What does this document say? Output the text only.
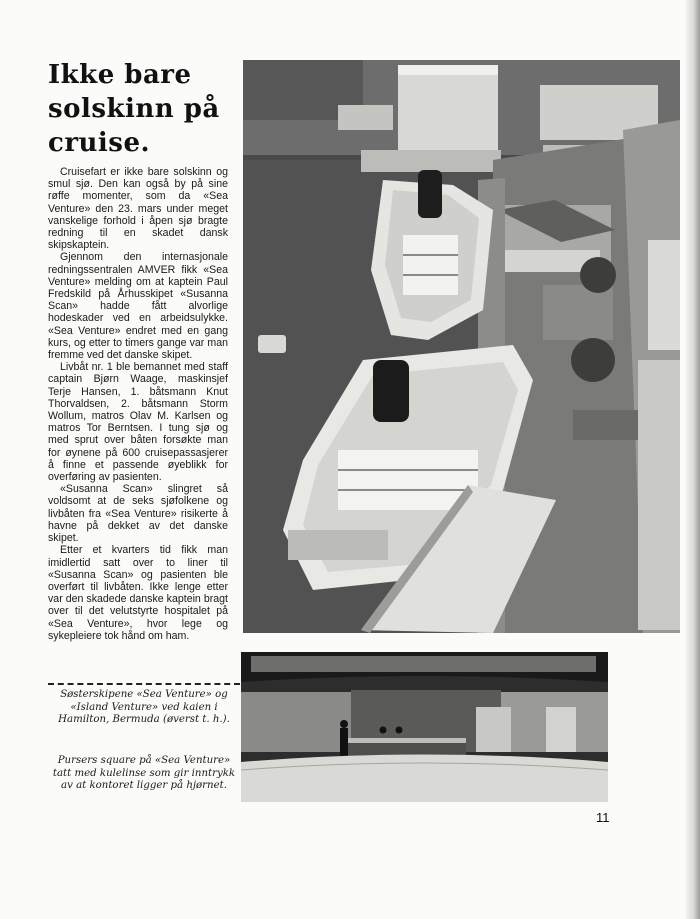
Ikke bare
solskinn på
cruise.

Cruisefart er ikke bare solskinn og smul sjø. Den kan også by på sine røffe momenter, som da «Sea Venture» den 23. mars under meget vanskelige forhold i åpen sjø bragte redning til en skadet dansk skipskaptein.

Gjennom den internasjonale redningssentralen AMVER fikk «Sea Venture» melding om at kaptein Paul Fredskild på Århusskipet «Susanna Scan» hadde fått alvorlige hodeskader ved en arbeidsulykke. «Sea Venture» endret med en gang kurs, og etter to timers gange var man fremme ved det danske skipet.

Livbåt nr. 1 ble bemannet med staff captain Bjørn Waage, maskinsjef Terje Hansen, 1. båtsmann Knut Thorvaldsen, 2. båtsmann Storm Wollum, matros Olav M. Karlsen og matros Tor Berntsen. I tung sjø og med sprut over båten forsøkte man for øynene på 600 cruisepassasjerer å finne et passende øyeblikk for overføring av pasienten.

«Susanna Scan» slingret så voldsomt at de seks sjøfolkene og livbåten fra «Sea Venture» risikerte å havne på dekket av det danske skipet.

Etter et kvarters tid fikk man imidlertid satt over to liner til «Susanna Scan» og pasienten ble overført til livbåten. Ikke lenge etter var den skadede danske kaptein bragt over til det velutstyrte hospitalet på «Sea Venture», hvor lege og sykepleiere tok hånd om ham.

Søsterskipene «Sea Venture» og «Island Venture» ved kaien i Hamilton, Bermuda (øverst t. h.).
Pursers square på «Sea Venture» tatt med kulelinse som gir inntrykk av at kontoret ligger på hjørnet.
11
